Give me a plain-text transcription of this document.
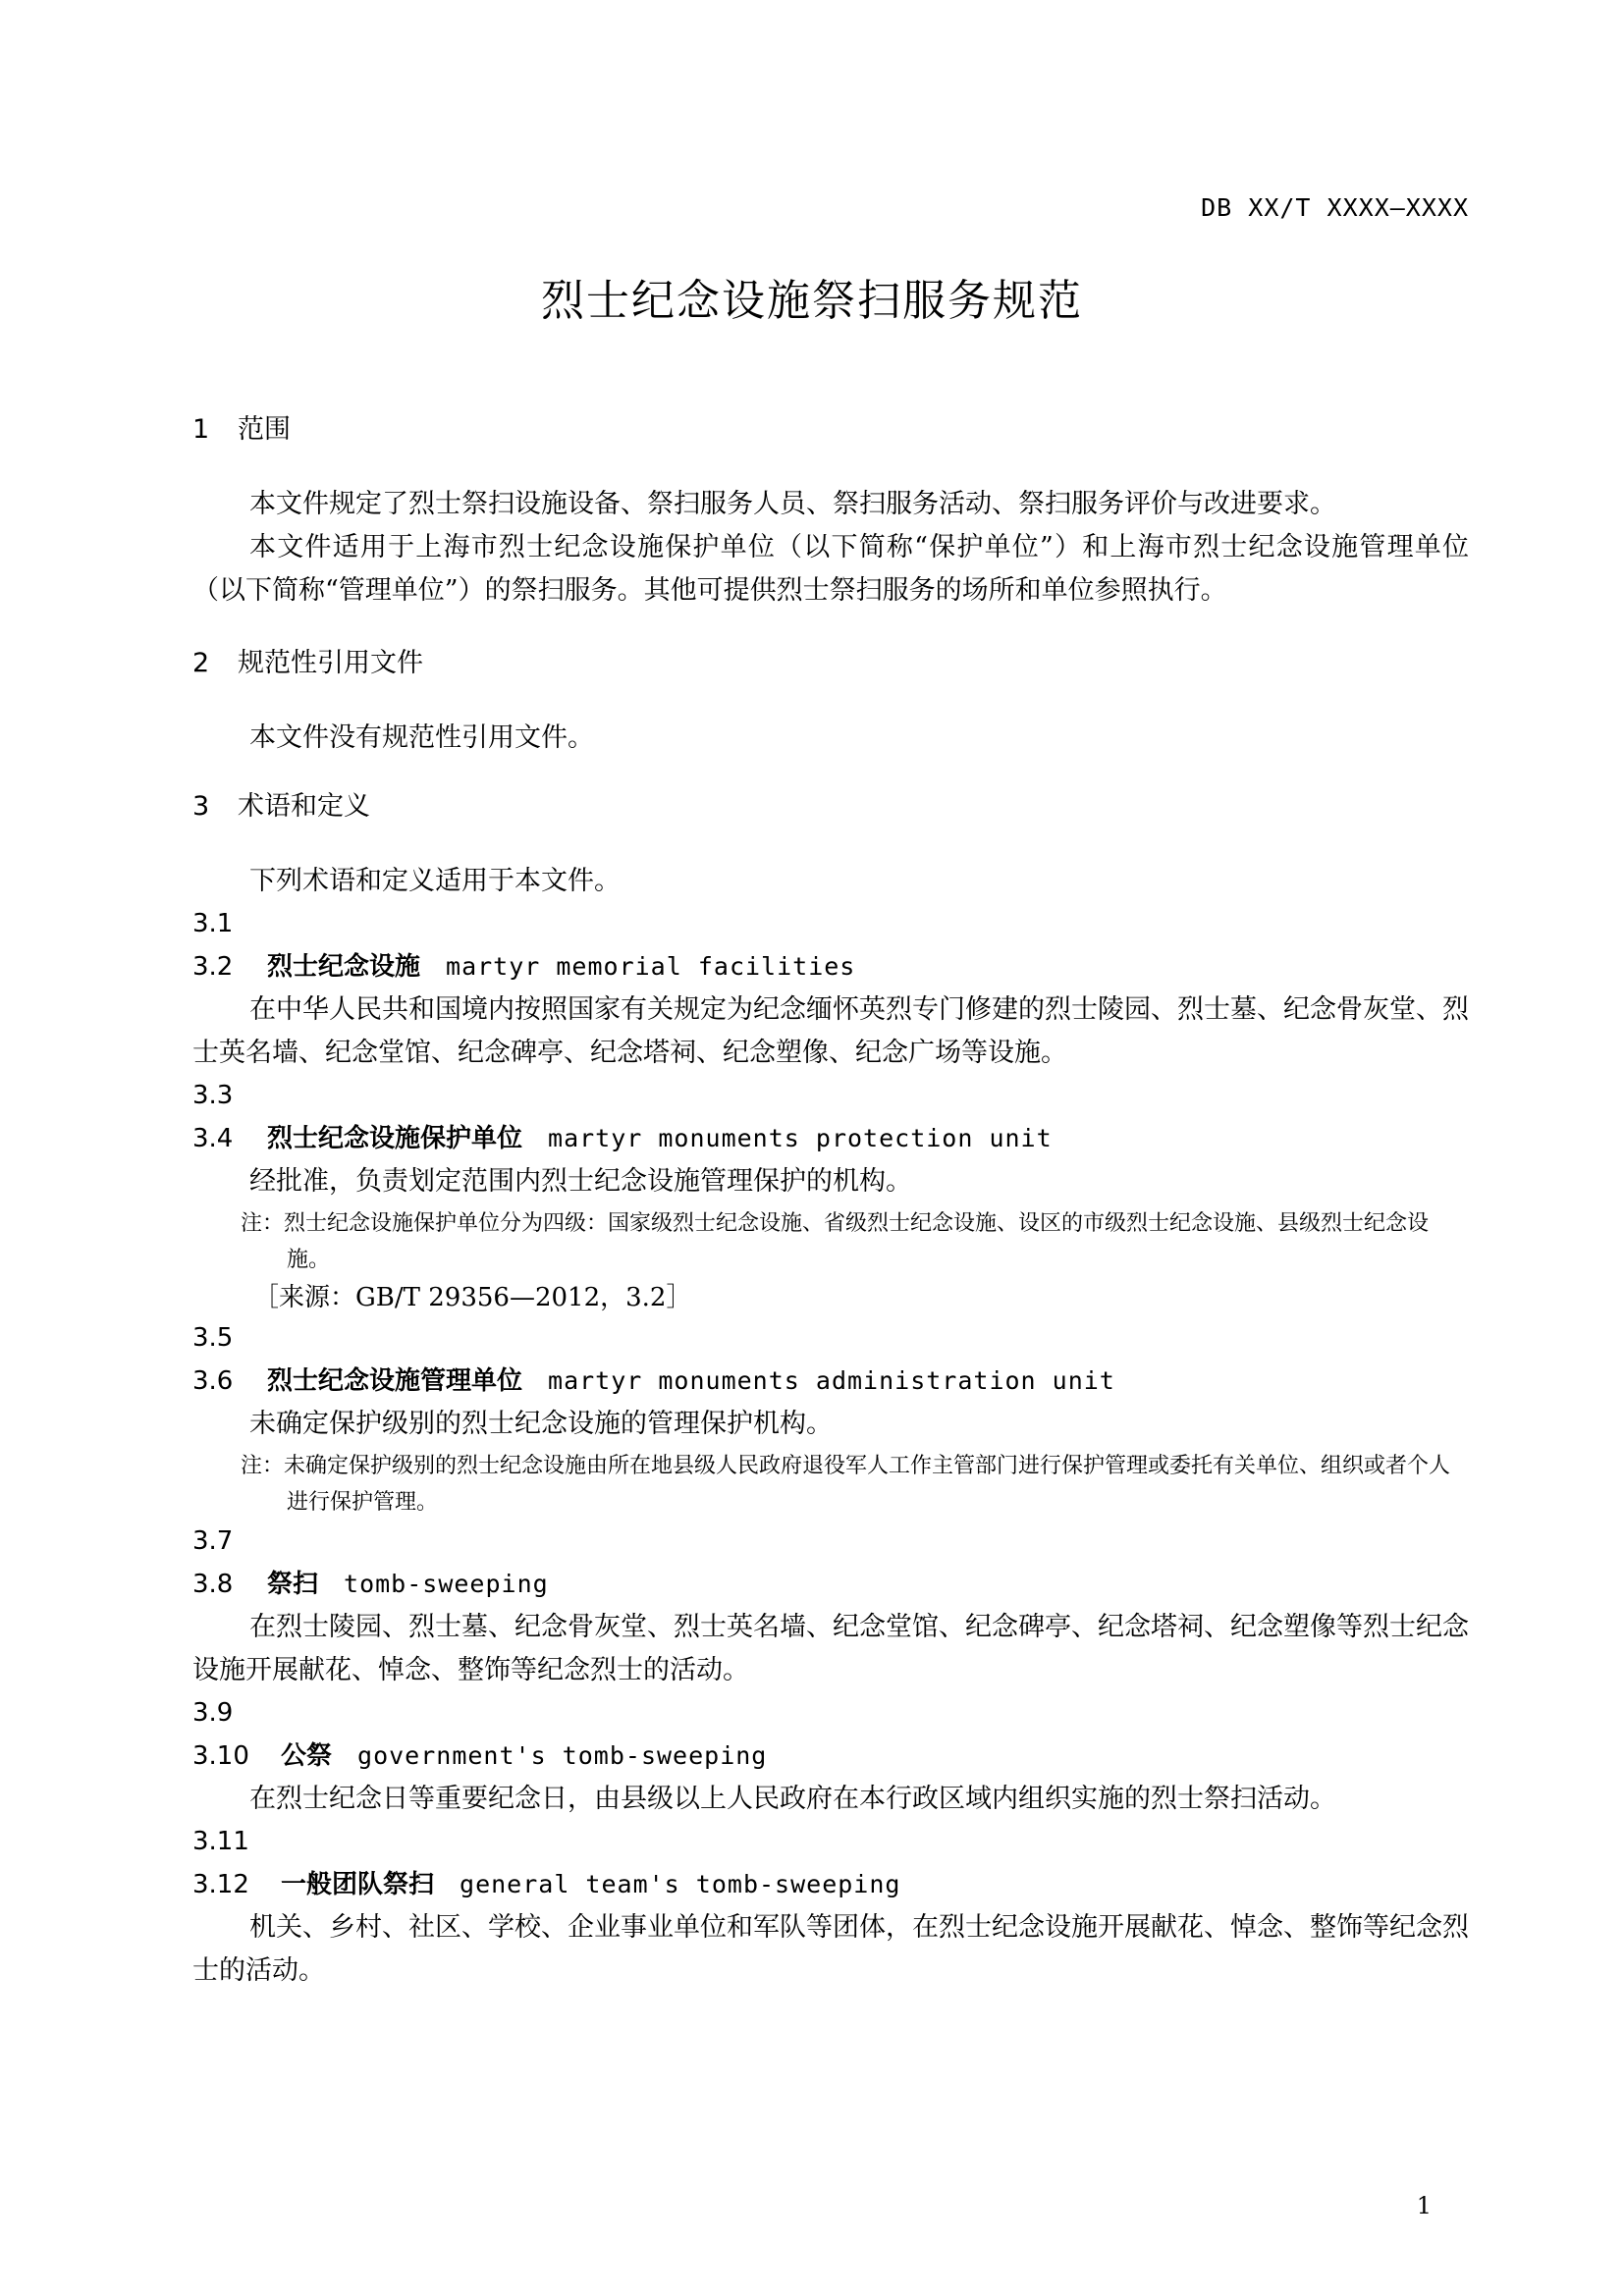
DB XX/T XXXX—XXXX
烈士纪念设施祭扫服务规范
1 范围
本文件规定了烈士祭扫设施设备、祭扫服务人员、祭扫服务活动、祭扫服务评价与改进要求。
本文件适用于上海市烈士纪念设施保护单位（以下简称“保护单位”）和上海市烈士纪念设施管理单位（以下简称“管理单位”）的祭扫服务。其他可提供烈士祭扫服务的场所和单位参照执行。
2 规范性引用文件
本文件没有规范性引用文件。
3 术语和定义
下列术语和定义适用于本文件。
3.1
3.2 烈士纪念设施 martyr memorial facilities
在中华人民共和国境内按照国家有关规定为纪念缅怀英烈专门修建的烈士陵园、烈士墓、纪念骨灰堂、烈士英名墙、纪念堂馆、纪念碑亭、纪念塔祠、纪念塑像、纪念广场等设施。
3.3
3.4 烈士纪念设施保护单位 martyr monuments protection unit
经批准，负责划定范围内烈士纪念设施管理保护的机构。
注：烈士纪念设施保护单位分为四级：国家级烈士纪念设施、省级烈士纪念设施、设区的市级烈士纪念设施、县级烈士纪念设施。
［来源：GB/T 29356—2012，3.2］
3.5
3.6 烈士纪念设施管理单位 martyr monuments administration unit
未确定保护级别的烈士纪念设施的管理保护机构。
注：未确定保护级别的烈士纪念设施由所在地县级人民政府退役军人工作主管部门进行保护管理或委托有关单位、组织或者个人进行保护管理。
3.7
3.8 祭扫 tomb-sweeping
在烈士陵园、烈士墓、纪念骨灰堂、烈士英名墙、纪念堂馆、纪念碑亭、纪念塔祠、纪念塑像等烈士纪念设施开展献花、悼念、整饰等纪念烈士的活动。
3.9
3.10 公祭 government's tomb-sweeping
在烈士纪念日等重要纪念日，由县级以上人民政府在本行政区域内组织实施的烈士祭扫活动。
3.11
3.12 一般团队祭扫 general team's tomb-sweeping
机关、乡村、社区、学校、企业事业单位和军队等团体，在烈士纪念设施开展献花、悼念、整饰等纪念烈士的活动。
1
